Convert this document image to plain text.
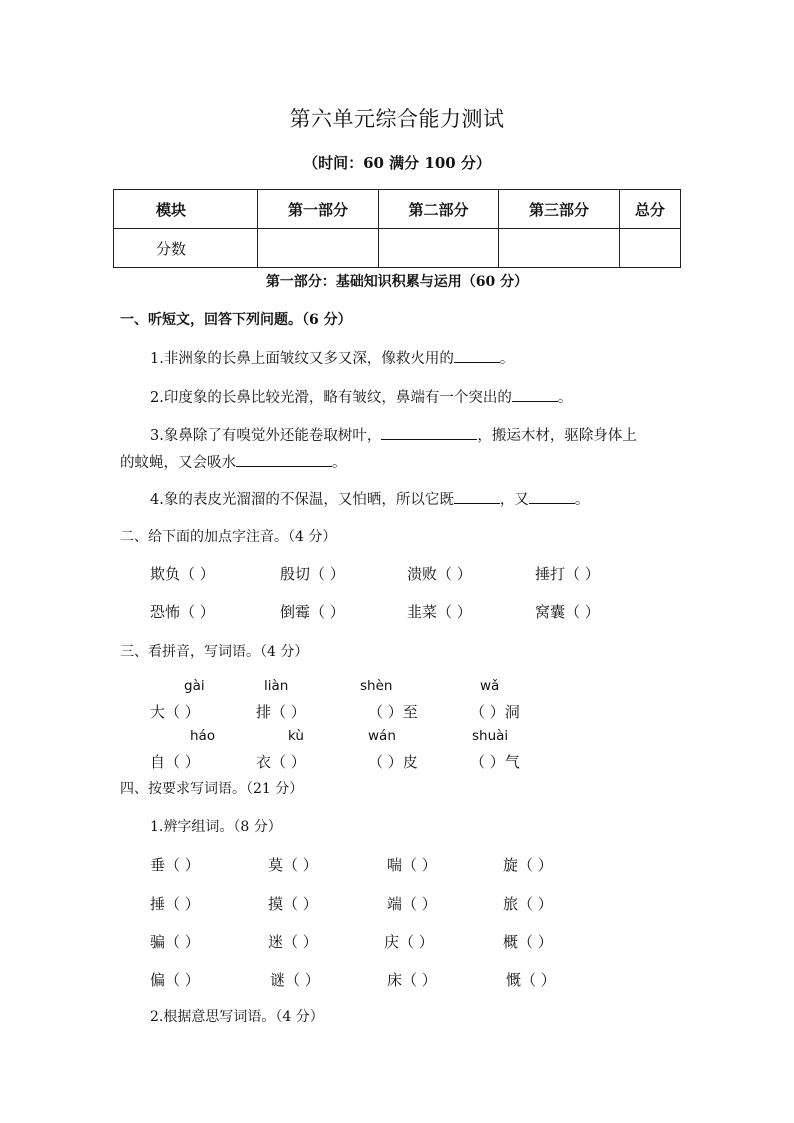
第六单元综合能力测试
（时间：60 满分 100 分）
模块	第一部分	第二部分	第三部分	总分
分数				
第一部分：基础知识积累与运用（60 分）
一、听短文，回答下列问题。（6 分）
1.非洲象的长鼻上面皱纹又多又深，像救火用的	。
2.印度象的长鼻比较光滑，略有皱纹，鼻端有一个突出的	。
3.象鼻除了有嗅觉外还能卷取树叶，	，搬运木材，驱除身体上
的蚊蝇，又会吸水	。
4.象的表皮光溜溜的不保温，又怕晒，所以它既	，又	。
二、给下面的加点字注音。（4 分）
欺负（ ）	殷切（ ）	溃败（ ）	捶打（ ）
恐怖（ ）	倒霉（ ）	韭菜（ ）	窝囊（ ）
三、看拼音，写词语。（4 分）
gài	liàn	shèn	wǎ
大（ ）	排（ ）	（ ）至	（ ）洞
háo	kù	wán	shuài
自（ ）	衣（ ）	（ ）皮	（ ）气
四、按要求写词语。（21 分）
1.辨字组词。（8 分）
垂（ ）	莫（ ）	喘（ ）	旋（ ）
捶（ ）	摸（ ）	端（ ）	旅（ ）
骗（ ）	迷（ ）	庆（ ）	概（ ）
偏（ ）	谜（ ）	床（ ）	慨（ ）
2.根据意思写词语。（4 分）
